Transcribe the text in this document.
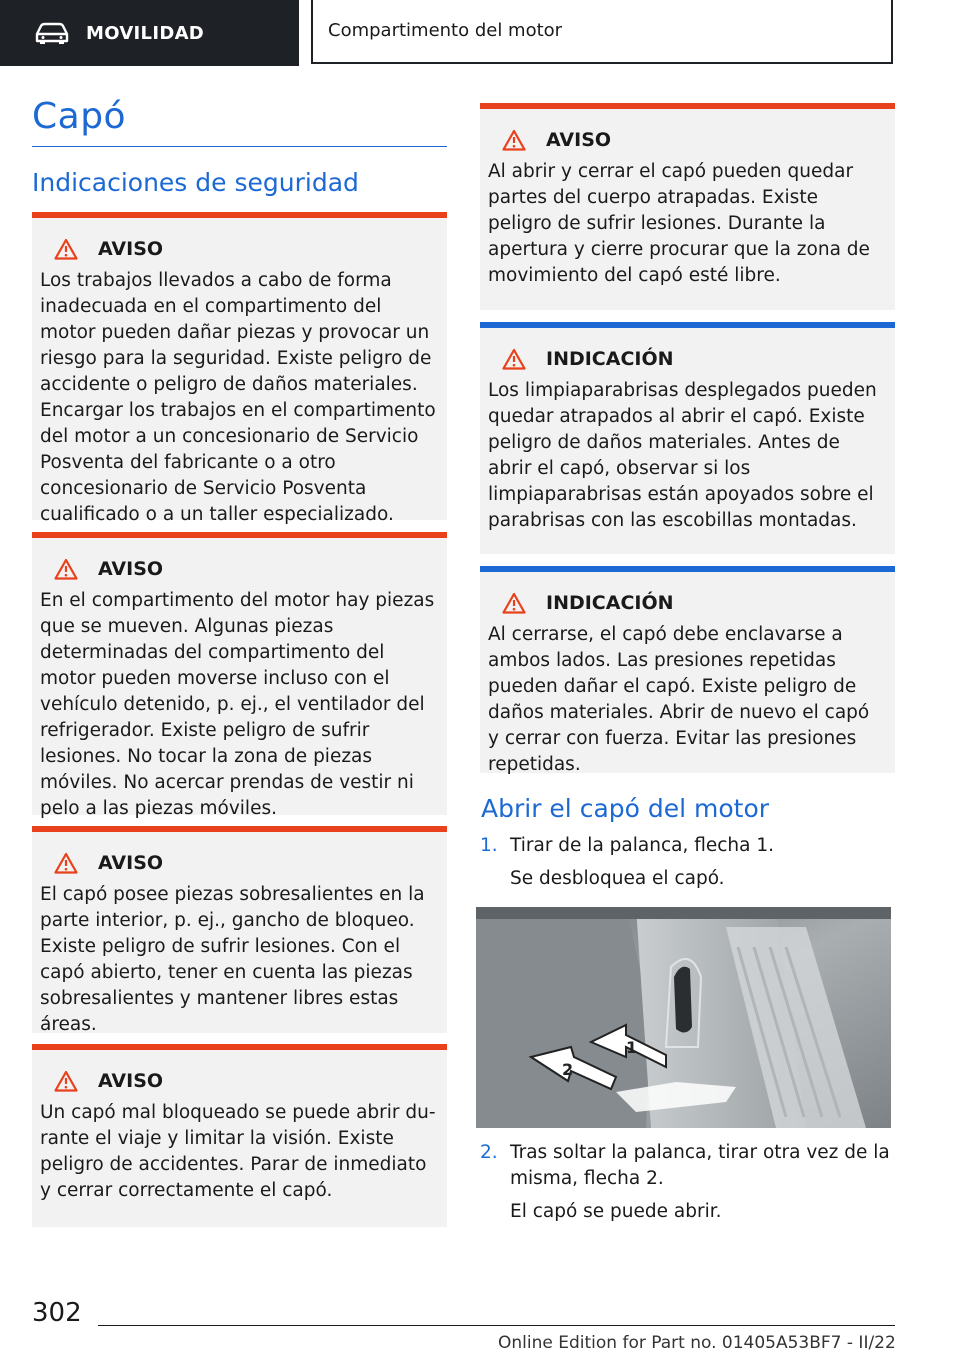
MOVILIDAD	Compartimento del motor
Capó
Indicaciones de seguridad
AVISO
Los trabajos llevados a cabo de forma inadecuada en el compartimento del motor pueden dañar piezas y provocar un riesgo para la seguridad. Existe peligro de accidente o peligro de daños materiales. Encargar los trabajos en el compartimento del motor a un concesionario de Servicio Posventa del fabricante o a otro concesionario de Servicio Posventa cualificado o a un taller especializado.
AVISO
En el compartimento del motor hay piezas que se mueven. Algunas piezas determinadas del compartimento del motor pueden moverse incluso con el vehículo detenido, p. ej., el ventilador del refrigerador. Existe peligro de sufrir lesiones. No tocar la zona de piezas móviles. No acercar prendas de vestir ni pelo a las piezas móviles.
AVISO
El capó posee piezas sobresalientes en la parte interior, p. ej., gancho de bloqueo. Existe peligro de sufrir lesiones. Con el capó abierto, tener en cuenta las piezas sobresalientes y mantener libres estas áreas.
AVISO
Un capó mal bloqueado se puede abrir durante el viaje y limitar la visión. Existe peligro de accidentes. Parar de inmediato y cerrar correctamente el capó.
AVISO
Al abrir y cerrar el capó pueden quedar partes del cuerpo atrapadas. Existe peligro de sufrir lesiones. Durante la apertura y cierre procurar que la zona de movimiento del capó esté libre.
INDICACIÓN
Los limpiaparabrisas desplegados pueden quedar atrapados al abrir el capó. Existe peligro de daños materiales. Antes de abrir el capó, observar si los limpiaparabrisas están apoyados sobre el parabrisas con las escobillas montadas.
INDICACIÓN
Al cerrarse, el capó debe enclavarse a ambos lados. Las presiones repetidas pueden dañar el capó. Existe peligro de daños materiales. Abrir de nuevo el capó y cerrar con fuerza. Evitar las presiones repetidas.
Abrir el capó del motor
1. Tirar de la palanca, flecha 1.
Se desbloquea el capó.
1
2
2. Tras soltar la palanca, tirar otra vez de la misma, flecha 2.
El capó se puede abrir.
302
Online Edition for Part no. 01405A53BF7 - II/22
